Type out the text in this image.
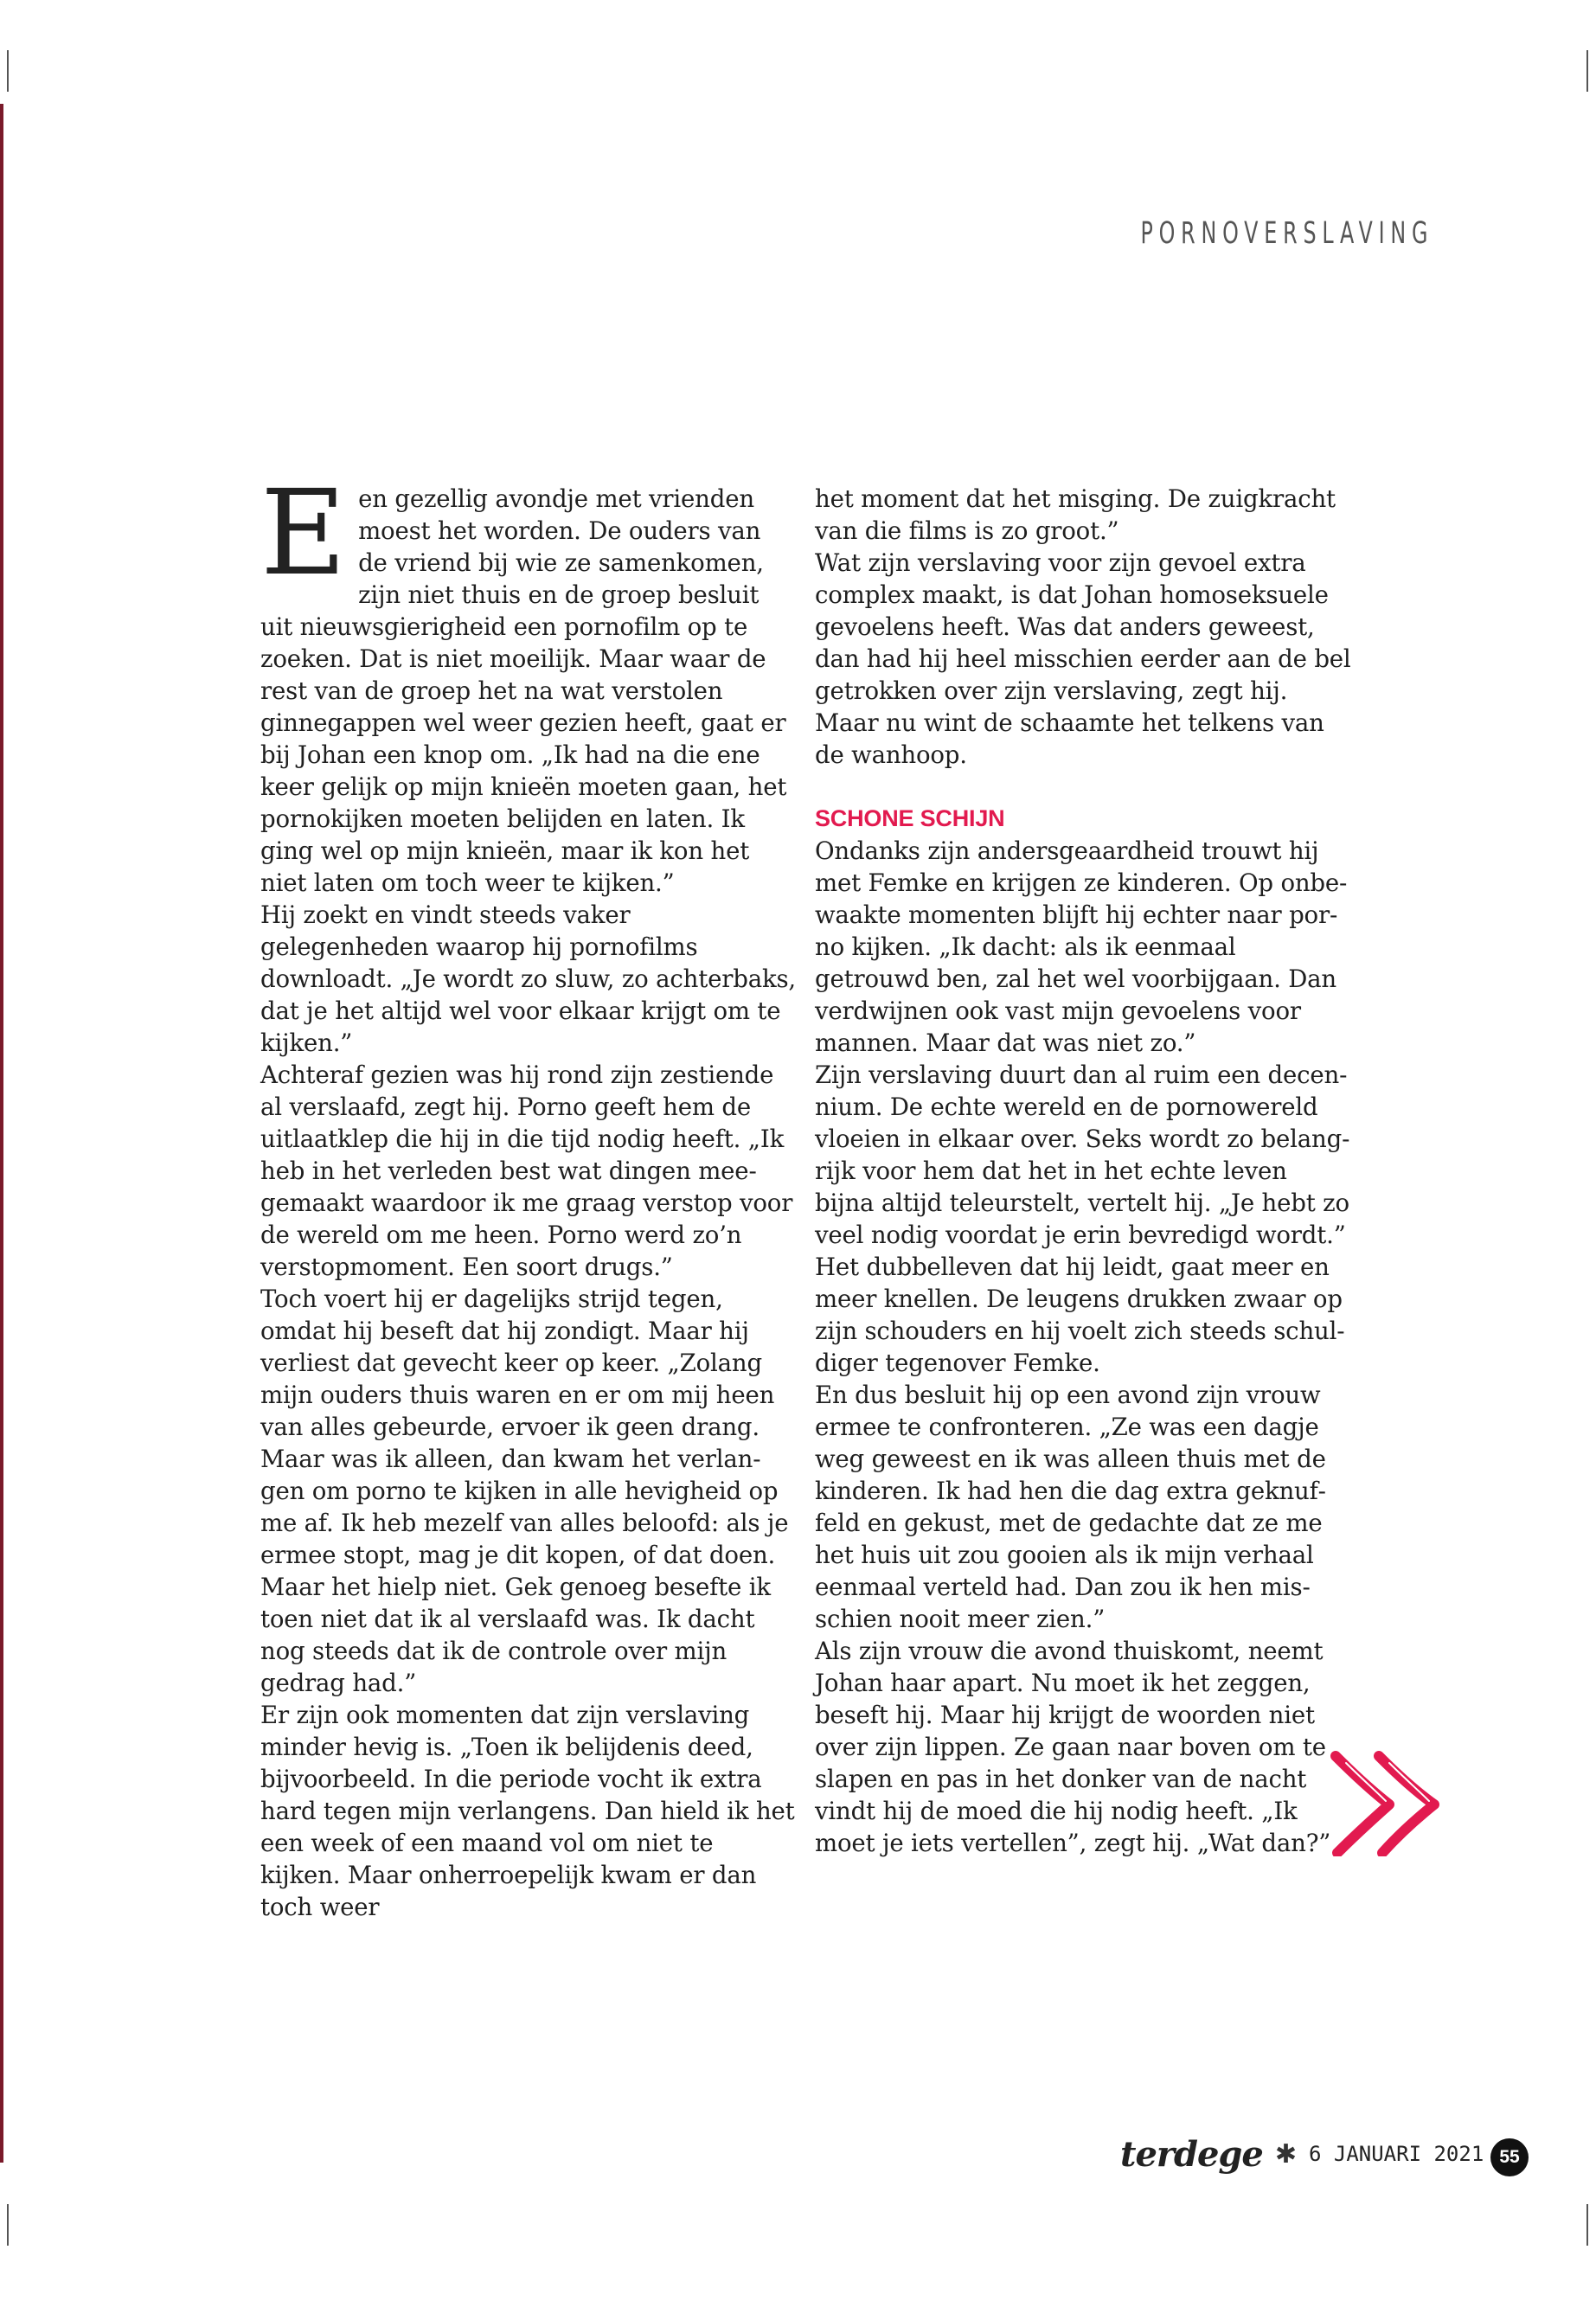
PORNOVERSLAVING

Een gezellig avondje met vrienden moest het worden. De ouders van de vriend bij wie ze samenkomen, zijn niet thuis en de groep besluit uit nieuwsgierigheid een pornofilm op te zoeken. Dat is niet moeilijk. Maar waar de rest van de groep het na wat verstolen ginnegappen wel weer gezien heeft, gaat er bij Johan een knop om. „Ik had na die ene keer gelijk op mijn knieën moeten gaan, het pornokijken moeten belijden en laten. Ik ging wel op mijn knieën, maar ik kon het niet laten om toch weer te kijken.”

Hij zoekt en vindt steeds vaker gelegenheden waarop hij pornofilms downloadt. „Je wordt zo sluw, zo achterbaks, dat je het altijd wel voor elkaar krijgt om te kijken.”

Achteraf gezien was hij rond zijn zestiende al verslaafd, zegt hij. Porno geeft hem de uitlaatklep die hij in die tijd nodig heeft. „Ik heb in het verleden best wat dingen meegemaakt waardoor ik me graag verstop voor de wereld om me heen. Porno werd zo’n verstopmoment. Een soort drugs.”

Toch voert hij er dagelijks strijd tegen, omdat hij beseft dat hij zondigt. Maar hij verliest dat gevecht keer op keer. „Zolang mijn ouders thuis waren en er om mij heen van alles gebeurde, ervoer ik geen drang. Maar was ik alleen, dan kwam het verlangen om porno te kijken in alle hevigheid op me af. Ik heb mezelf van alles beloofd: als je ermee stopt, mag je dit kopen, of dat doen. Maar het hielp niet. Gek genoeg besefte ik toen niet dat ik al verslaafd was. Ik dacht nog steeds dat ik de controle over mijn gedrag had.”

Er zijn ook momenten dat zijn verslaving minder hevig is. „Toen ik belijdenis deed, bijvoorbeeld. In die periode vocht ik extra hard tegen mijn verlangens. Dan hield ik het een week of een maand vol om niet te kijken. Maar onherroepelijk kwam er dan toch weer

het moment dat het misging. De zuigkracht van die films is zo groot.”

Wat zijn verslaving voor zijn gevoel extra complex maakt, is dat Johan homoseksuele gevoelens heeft. Was dat anders geweest, dan had hij heel misschien eerder aan de bel getrokken over zijn verslaving, zegt hij. Maar nu wint de schaamte het telkens van de wanhoop.

SCHONE SCHIJN

Ondanks zijn andersgeaardheid trouwt hij met Femke en krijgen ze kinderen. Op onbewaakte momenten blijft hij echter naar porno kijken. „Ik dacht: als ik eenmaal getrouwd ben, zal het wel voorbijgaan. Dan verdwijnen ook vast mijn gevoelens voor mannen. Maar dat was niet zo.”

Zijn verslaving duurt dan al ruim een decennium. De echte wereld en de pornowereld vloeien in elkaar over. Seks wordt zo belangrijk voor hem dat het in het echte leven bijna altijd teleurstelt, vertelt hij. „Je hebt zo veel nodig voordat je erin bevredigd wordt.”

Het dubbelleven dat hij leidt, gaat meer en meer knellen. De leugens drukken zwaar op zijn schouders en hij voelt zich steeds schuldiger tegenover Femke.

En dus besluit hij op een avond zijn vrouw ermee te confronteren. „Ze was een dagje weg geweest en ik was alleen thuis met de kinderen. Ik had hen die dag extra geknuffeld en gekust, met de gedachte dat ze me het huis uit zou gooien als ik mijn verhaal eenmaal verteld had. Dan zou ik hen misschien nooit meer zien.”

Als zijn vrouw die avond thuiskomt, neemt Johan haar apart. Nu moet ik het zeggen, beseft hij. Maar hij krijgt de woorden niet over zijn lippen. Ze gaan naar boven om te slapen en pas in het donker van de nacht vindt hij de moed die hij nodig heeft. „Ik moet je iets vertellen”, zegt hij. „Wat dan?”

terdege ✱ 6 JANUARI 2021 55
